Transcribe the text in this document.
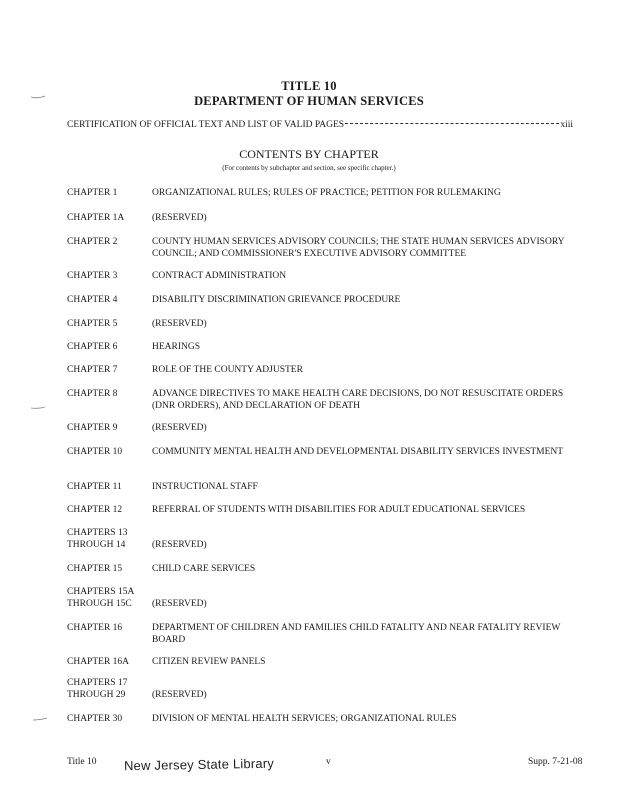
TITLE 10
DEPARTMENT OF HUMAN SERVICES
CERTIFICATION OF OFFICIAL TEXT AND LIST OF VALID PAGES	xiii
CONTENTS BY CHAPTER
(For contents by subchapter and section, see specific chapter.)
CHAPTER 1	ORGANIZATIONAL RULES; RULES OF PRACTICE; PETITION FOR RULEMAKING
CHAPTER 1A	(RESERVED)
CHAPTER 2	COUNTY HUMAN SERVICES ADVISORY COUNCILS; THE STATE HUMAN SERVICES ADVISORY COUNCIL; AND COMMISSIONER'S EXECUTIVE ADVISORY COMMITTEE
CHAPTER 3	CONTRACT ADMINISTRATION
CHAPTER 4	DISABILITY DISCRIMINATION GRIEVANCE PROCEDURE
CHAPTER 5	(RESERVED)
CHAPTER 6	HEARINGS
CHAPTER 7	ROLE OF THE COUNTY ADJUSTER
CHAPTER 8	ADVANCE DIRECTIVES TO MAKE HEALTH CARE DECISIONS, DO NOT RESUSCITATE ORDERS (DNR ORDERS), AND DECLARATION OF DEATH
CHAPTER 9	(RESERVED)
CHAPTER 10	COMMUNITY MENTAL HEALTH AND DEVELOPMENTAL DISABILITY SERVICES INVESTMENT
CHAPTER 11	INSTRUCTIONAL STAFF
CHAPTER 12	REFERRAL OF STUDENTS WITH DISABILITIES FOR ADULT EDUCATIONAL SERVICES
CHAPTERS 13
THROUGH 14	(RESERVED)
CHAPTER 15	CHILD CARE SERVICES
CHAPTERS 15A
THROUGH 15C (RESERVED)
CHAPTER 16	DEPARTMENT OF CHILDREN AND FAMILIES CHILD FATALITY AND NEAR FATALITY REVIEW BOARD
CHAPTER 16A CITIZEN REVIEW PANELS
CHAPTERS 17
THROUGH 29	(RESERVED)
CHAPTER 30	DIVISION OF MENTAL HEALTH SERVICES; ORGANIZATIONAL RULES
Title 10 New Jersey State Library	v	Supp. 7-21-08
